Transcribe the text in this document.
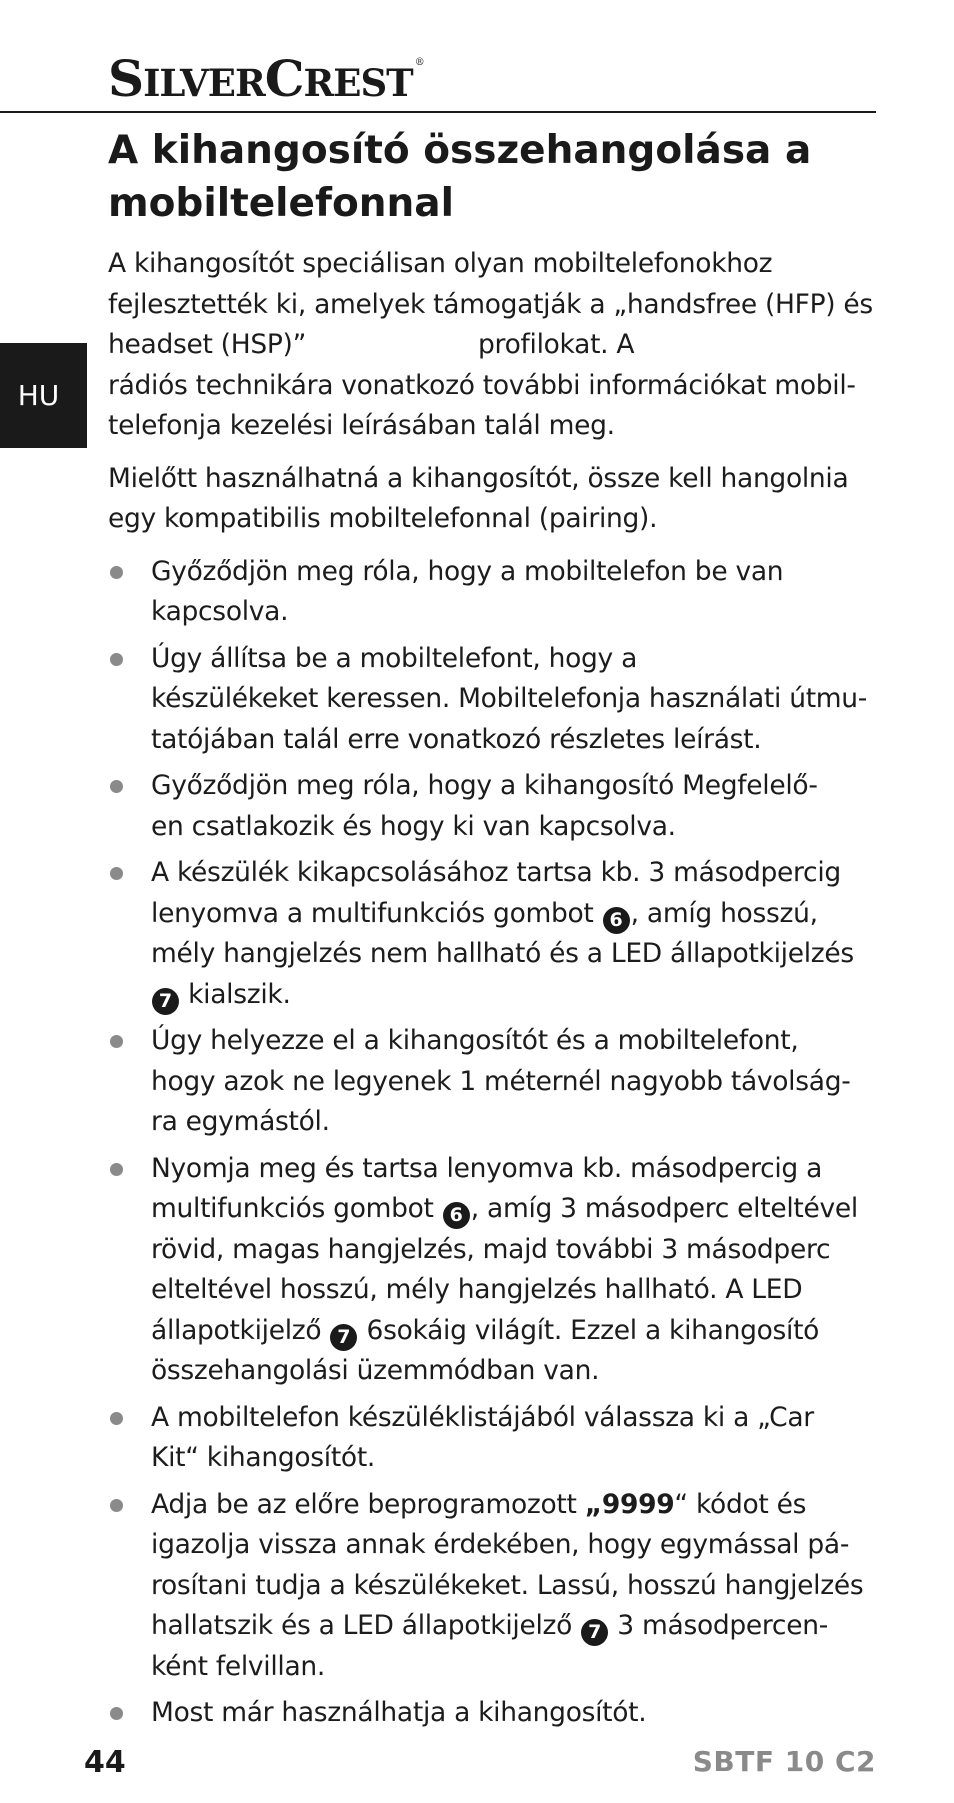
SILVERCREST ®
HU
A kihangosító összehangolása a
mobiltelefonnal

A kihangosítót speciálisan olyan mobiltelefonokhoz
fejlesztették ki, amelyek támogatják a „handsfree (HFP) és
headset (HSP)”	profilokat. A
rádiós technikára vonatkozó további információkat mobil-
telefonja kezelési leírásában talál meg.

Mielőtt használhatná a kihangosítót, össze kell hangolnia
egy kompatibilis mobiltelefonnal (pairing).

Győződjön meg róla, hogy a mobiltelefon be van
kapcsolva.
Úgy állítsa be a mobiltelefont, hogy a
készülékeket keressen. Mobiltelefonja használati útmu-
tatójában talál erre vonatkozó részletes leírást.
Győződjön meg róla, hogy a kihangosító Megfelelő-
en csatlakozik és hogy ki van kapcsolva.
A készülék kikapcsolásához tartsa kb. 3 másodpercig
lenyomva a multifunkciós gombot 6 , amíg hosszú,
mély hangjelzés nem hallható és a LED állapotkijelzés
7 kialszik.
Úgy helyezze el a kihangosítót és a mobiltelefont,
hogy azok ne legyenek 1 méternél nagyobb távolság-
ra egymástól.
Nyomja meg és tartsa lenyomva kb. másodpercig a
multifunkciós gombot 6 , amíg 3 másodperc elteltével
rövid, magas hangjelzés, majd további 3 másodperc
elteltével hosszú, mély hangjelzés hallható. A LED
állapotkijelző 7 6sokáig világít. Ezzel a kihangosító
összehangolási üzemmódban van.
A mobiltelefon készüléklistájából válassza ki a „Car
Kit“ kihangosítót.
Adja be az előre beprogramozott „9999“ kódot és
igazolja vissza annak érdekében, hogy egymással pá-
rosítani tudja a készülékeket. Lassú, hosszú hangjelzés
hallatszik és a LED állapotkijelző 7 3 másodpercen-
ként felvillan.
Most már használhatja a kihangosítót.
44	SBTF 10 C2
